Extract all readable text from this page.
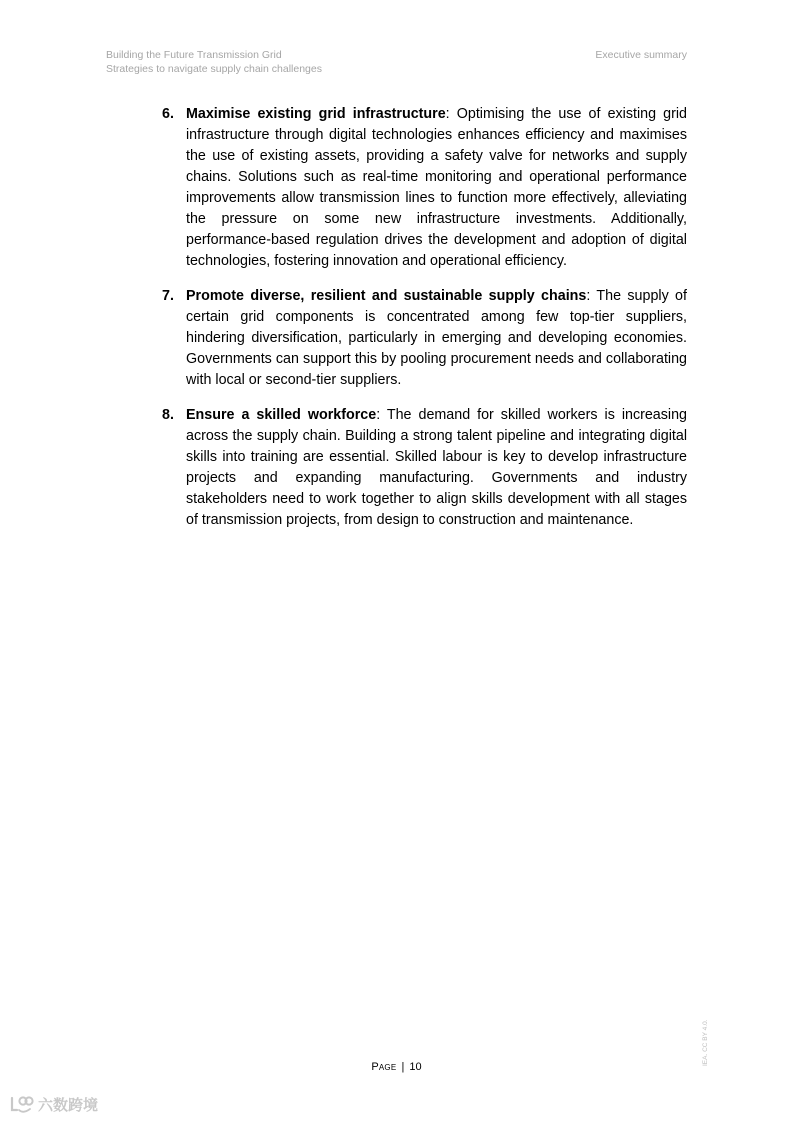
Building the Future Transmission Grid
Strategies to navigate supply chain challenges
Executive summary
6. Maximise existing grid infrastructure: Optimising the use of existing grid infrastructure through digital technologies enhances efficiency and maximises the use of existing assets, providing a safety valve for networks and supply chains. Solutions such as real-time monitoring and operational performance improvements allow transmission lines to function more effectively, alleviating the pressure on some new infrastructure investments. Additionally, performance-based regulation drives the development and adoption of digital technologies, fostering innovation and operational efficiency.
7. Promote diverse, resilient and sustainable supply chains: The supply of certain grid components is concentrated among few top-tier suppliers, hindering diversification, particularly in emerging and developing economies. Governments can support this by pooling procurement needs and collaborating with local or second-tier suppliers.
8. Ensure a skilled workforce: The demand for skilled workers is increasing across the supply chain. Building a strong talent pipeline and integrating digital skills into training are essential. Skilled labour is key to develop infrastructure projects and expanding manufacturing. Governments and industry stakeholders need to work together to align skills development with all stages of transmission projects, from design to construction and maintenance.
Page | 10
IEA. CC BY 4.0.
六数跨境
